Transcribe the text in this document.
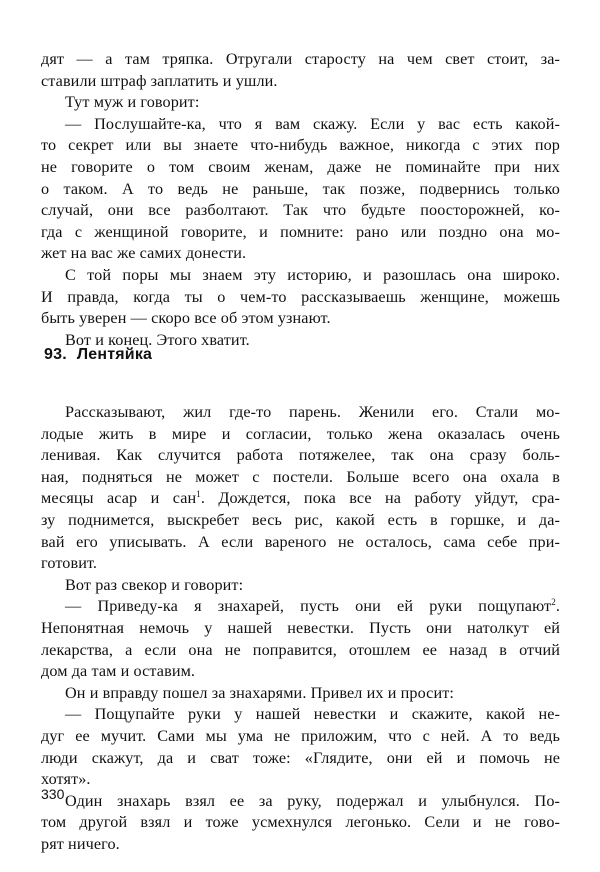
дят — а там тряпка. Отругали старосту на чем свет стоит, за-
ставили штраф заплатить и ушли.
Тут муж и говорит:
— Послушайте-ка, что я вам скажу. Если у вас есть какой-
то секрет или вы знаете что-нибудь важное, никогда с этих пор
не говорите о том своим женам, даже не поминайте при них
о таком. А то ведь не раньше, так позже, подвернись только
случай, они все разболтают. Так что будьте поосторожней, ко-
гда с женщиной говорите, и помните: рано или поздно она мо-
жет на вас же самих донести.
С той поры мы знаем эту историю, и разошлась она широко.
И правда, когда ты о чем-то рассказываешь женщине, можешь
быть уверен — скоро все об этом узнают.
Вот и конец. Этого хватит.
93. Лентяйка
Рассказывают, жил где-то парень. Женили его. Стали мо-
лодые жить в мире и согласии, только жена оказалась очень
ленивая. Как случится работа потяжелее, так она сразу боль-
ная, подняться не может с постели. Больше всего она охала в
месяцы асар и сан$^1$. Дождется, пока все на работу уйдут, сра-
зу поднимется, выскребет весь рис, какой есть в горшке, и да-
вай его уписывать. А если вареного не осталось, сама себе при-
готовит.
Вот раз свекор и говорит:
— Приведу-ка я знахарей, пусть они ей руки пощупают$^2$.
Непонятная немочь у нашей невестки. Пусть они натолкут ей
лекарства, а если она не поправится, отошлем ее назад в отчий
дом да там и оставим.
Он и вправду пошел за знахарями. Привел их и просит:
— Пощупайте руки у нашей невестки и скажите, какой не-
дуг ее мучит. Сами мы ума не приложим, что с ней. А то ведь
люди скажут, да и сват тоже: «Глядите, они ей и помочь не
хотят».
Один знахарь взял ее за руку, подержал и улыбнулся. По-
том другой взял и тоже усмехнулся легонько. Сели и не гово-
рят ничего.
330
